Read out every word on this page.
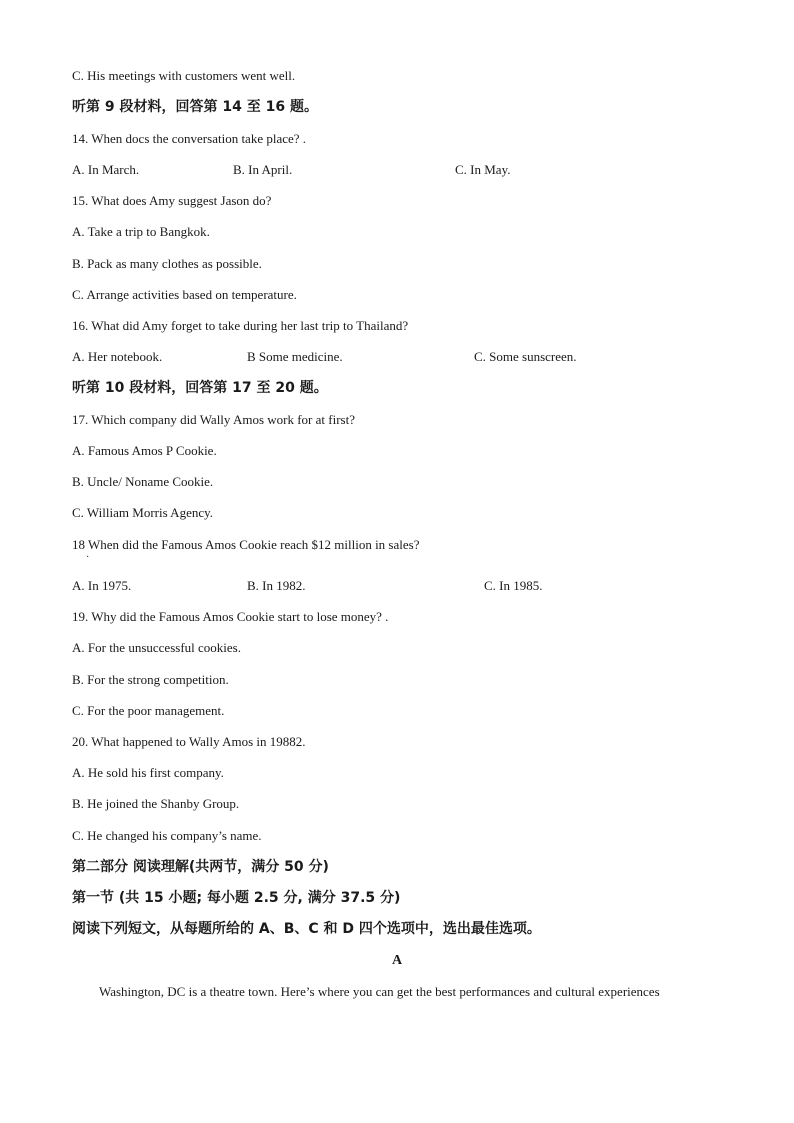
C. His meetings with customers went well.
听第 9 段材料，回答第 14 至 16 题。
14. When docs the conversation take place? .
A. In March.	B. In April.	C. In May.
15. What does Amy suggest Jason do?
A. Take a trip to Bangkok.
B. Pack as many clothes as possible.
C. Arrange activities based on temperature.
16. What did Amy forget to take during her last trip to Thailand?
A. Her notebook.	B Some medicine.	C. Some sunscreen.
听第 10 段材料，回答第 17 至 20 题。
17. Which company did Wally Amos work for at first?
A. Famous Amos P Cookie.
B. Uncle/ Noname Cookie.
C. William Morris Agency.
18 When did the Famous Amos Cookie reach $12 million in sales?
·
A. In 1975.	B. In 1982.	C. In 1985.
19. Why did the Famous Amos Cookie start to lose money? .
A. For the unsuccessful cookies.
B. For the strong competition.
C. For the poor management.
20. What happened to Wally Amos in 19882.
A. He sold his first company.
B. He joined the Shanby Group.
C. He changed his company’s name.
第二部分 阅读理解(共两节，满分 50 分)
第一节 (共 15 小题; 每小题 2.5 分, 满分 37.5 分)
阅读下列短文，从每题所给的 A、B、C 和 D 四个选项中，选出最佳选项。
A
Washington, DC is a theatre town. Here’s where you can get the best performances and cultural experiences
